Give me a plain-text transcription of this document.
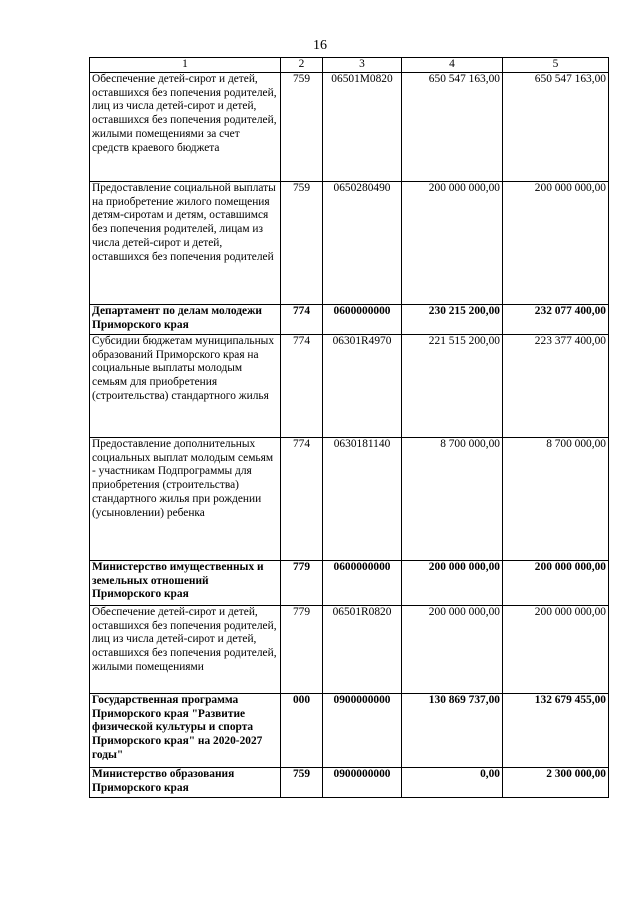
16
1	2	3	4	5
Обеспечение детей-сирот и детей, оставшихся без попечения родителей, лиц из числа детей-сирот и детей, оставшихся без попечения родителей, жилыми помещениями за счет средств краевого бюджета	759	06501М0820	650 547 163,00	650 547 163,00
Предоставление социальной выплаты на приобретение жилого помещения детям-сиротам и детям, оставшимся без попечения родителей, лицам из числа детей-сирот и детей, оставшихся без попечения родителей	759	0650280490	200 000 000,00	200 000 000,00
Департамент по делам молодежи Приморского края	774	0600000000	230 215 200,00	232 077 400,00
Субсидии бюджетам муниципальных образований Приморского края на социальные выплаты молодым семьям для приобретения (строительства) стандартного жилья	774	06301R4970	221 515 200,00	223 377 400,00
Предоставление дополнительных социальных выплат молодым семьям - участникам Подпрограммы для приобретения (строительства) стандартного жилья при рождении (усыновлении) ребенка	774	0630181140	8 700 000,00	8 700 000,00
Министерство имущественных и земельных отношений Приморского края	779	0600000000	200 000 000,00	200 000 000,00
Обеспечение детей-сирот и детей, оставшихся без попечения родителей, лиц из числа детей-сирот и детей, оставшихся без попечения родителей, жилыми помещениями	779	06501R0820	200 000 000,00	200 000 000,00
Государственная программа Приморского края "Развитие физической культуры и спорта Приморского края" на 2020-2027 годы"	000	0900000000	130 869 737,00	132 679 455,00
Министерство образования Приморского края	759	0900000000	0,00	2 300 000,00
